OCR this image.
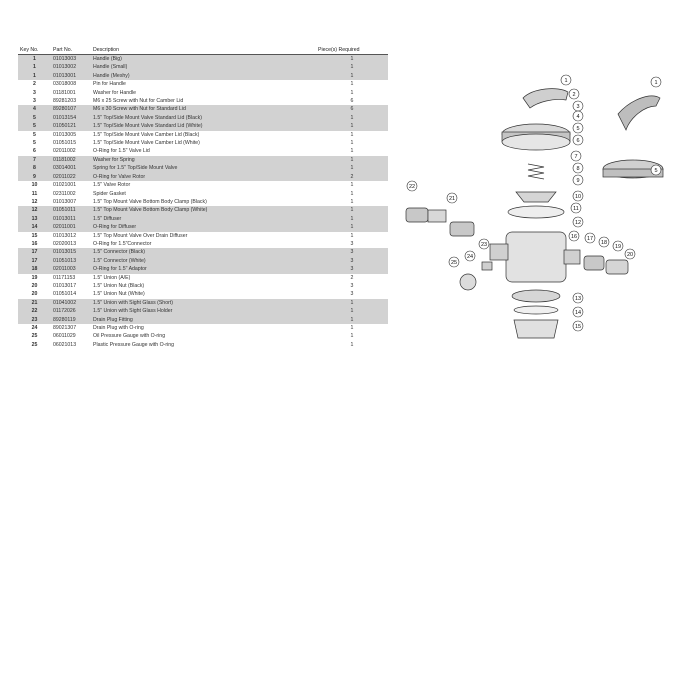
Key No.	Part No.	Description	Piece(s) Required
1	01013003	Handle (Big)	1
1	01013002	Handle (Small)	1
1	01013001	Handle (Meshy)	1
2	03018008	Pin for Handle	1
3	01181001	Washer for Handle	1
3	89281203	M6 x 25 Screw with Nut for Camber Lid	6
4	89280107	M6 x 30 Screw with Nut for Standard Lid	6
5	01013154	1.5" Top/Side Mount Valve Standard Lid (Black)	1
5	01050121	1.5" Top/Side Mount Valve Standard Lid (White)	1
5	01013005	1.5" Top/Side Mount Valve Camber Lid (Black)	1
5	01051015	1.5" Top/Side Mount Valve Camber Lid (White)	1
6	02011002	O-Ring for 1.5" Valve Lid	1
7	01181002	Washer for Spring	1
8	03014001	Spring for 1.5" Top/Side Mount Valve	1
9	02011022	O-Ring for Valve Rotor	2
10	01021001	1.5" Valve Rotor	1
11	02311002	Spider Gasket	1
12	01013007	1.5" Top Mount Valve Bottom Body Clamp (Black)	1
12	01051011	1.5" Top Mount Valve Bottom Body Clamp (White)	1
13	01013011	1.5" Diffuser	1
14	02011001	O-Ring for Diffuser	1
15	01013012	1.5" Top Mount Valve Over Drain Diffuser	1
16	02020013	O-Ring for 1.5"Connector	3
17	01013015	1.5" Connector (Black)	3
17	01051013	1.5" Connector (White)	3
18	02011003	O-Ring for 1.5" Adaptor	3
19	01171153	1.5" Union (A/E)	2
20	01013017	1.5" Union Nut (Black)	3
20	01051014	1.5" Union Nut (White)	3
21	01041002	1.5" Union with Sight Glass (Short)	1
22	01172026	1.5" Union with Sight Glass Holder	1
23	89280119	Drain Plug Fitting	1
24	89021307	Drain Plug with O-ring	1
25	06011029	Oil Pressure Gauge with O-ring	1
25	06021013	Plastic Pressure Gauge with O-ring	1
1
2
3
4
5
6
7
8
9
10
11
12
13
14
15
16 17
18
19
20
21
22
23
24
25
1
5
